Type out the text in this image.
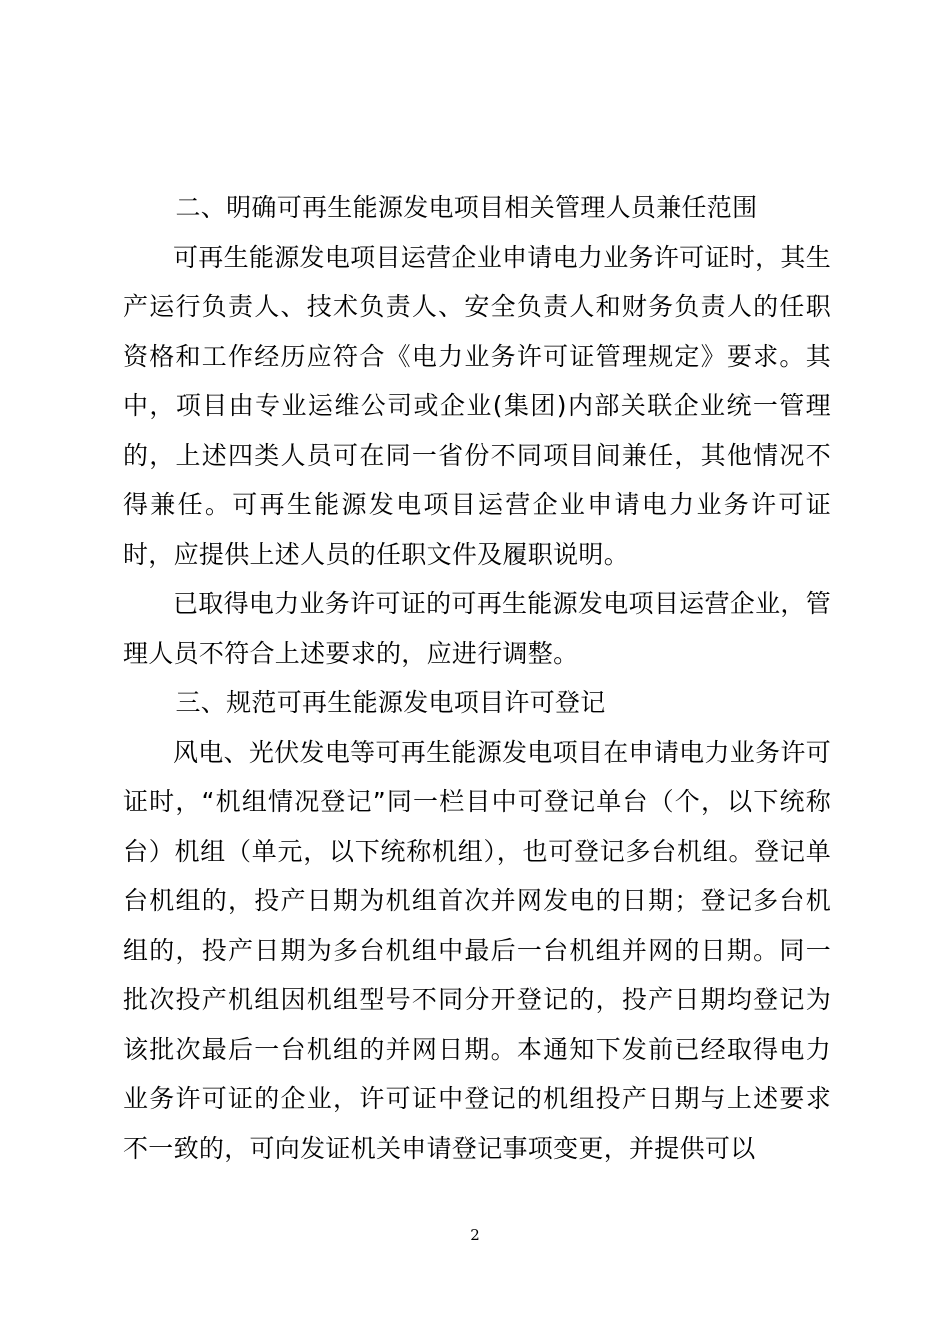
二、明确可再生能源发电项目相关管理人员兼任范围

可再生能源发电项目运营企业申请电力业务许可证时，其生产运行负责人、技术负责人、安全负责人和财务负责人的任职资格和工作经历应符合《电力业务许可证管理规定》要求。其中，项目由专业运维公司或企业(集团)内部关联企业统一管理的，上述四类人员可在同一省份不同项目间兼任，其他情况不得兼任。可再生能源发电项目运营企业申请电力业务许可证时，应提供上述人员的任职文件及履职说明。

已取得电力业务许可证的可再生能源发电项目运营企业，管理人员不符合上述要求的，应进行调整。

三、规范可再生能源发电项目许可登记

风电、光伏发电等可再生能源发电项目在申请电力业务许可证时，“机组情况登记”同一栏目中可登记单台（个，以下统称台）机组（单元，以下统称机组），也可登记多台机组。登记单台机组的，投产日期为机组首次并网发电的日期；登记多台机组的，投产日期为多台机组中最后一台机组并网的日期。同一批次投产机组因机组型号不同分开登记的，投产日期均登记为该批次最后一台机组的并网日期。本通知下发前已经取得电力业务许可证的企业，许可证中登记的机组投产日期与上述要求不一致的，可向发证机关申请登记事项变更，并提供可以

2
